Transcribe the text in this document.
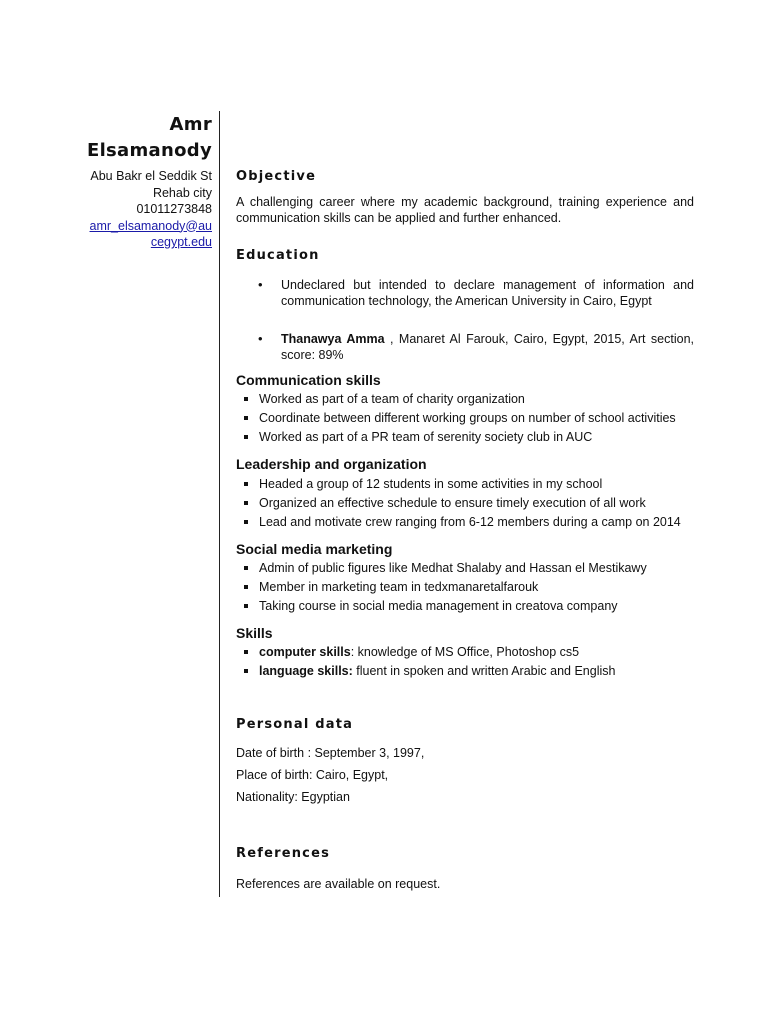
Amr
Elsamanody
Abu Bakr el Seddik St
Rehab city
01011273848
amr_elsamanody@au
cegypt.edu
Objective
A challenging career where my academic background, training experience and communication skills can be applied and further enhanced.
Education
• Undeclared but intended to declare management of information and communication technology, the American University in Cairo, Egypt
• Thanawya Amma , Manaret Al Farouk, Cairo, Egypt, 2015, Art section, score: 89%
Communication skills
Worked as part of a team of charity organization
Coordinate between different working groups on number of school activities
Worked as part of a PR team of serenity society club in AUC
Leadership and organization
Headed a group of 12 students in some activities in my school
Organized an effective schedule to ensure timely execution of all work
Lead and motivate crew ranging from 6-12 members during a camp on 2014
Social media marketing
Admin of public figures like Medhat Shalaby and Hassan el Mestikawy
Member in marketing team in tedxmanaretalfarouk
Taking course in social media management in creatova company
Skills
computer skills: knowledge of MS Office, Photoshop cs5
language skills: fluent in spoken and written Arabic and English
Personal data
Date of birth : September 3, 1997,
Place of birth: Cairo, Egypt,
Nationality: Egyptian
References
References are available on request.
